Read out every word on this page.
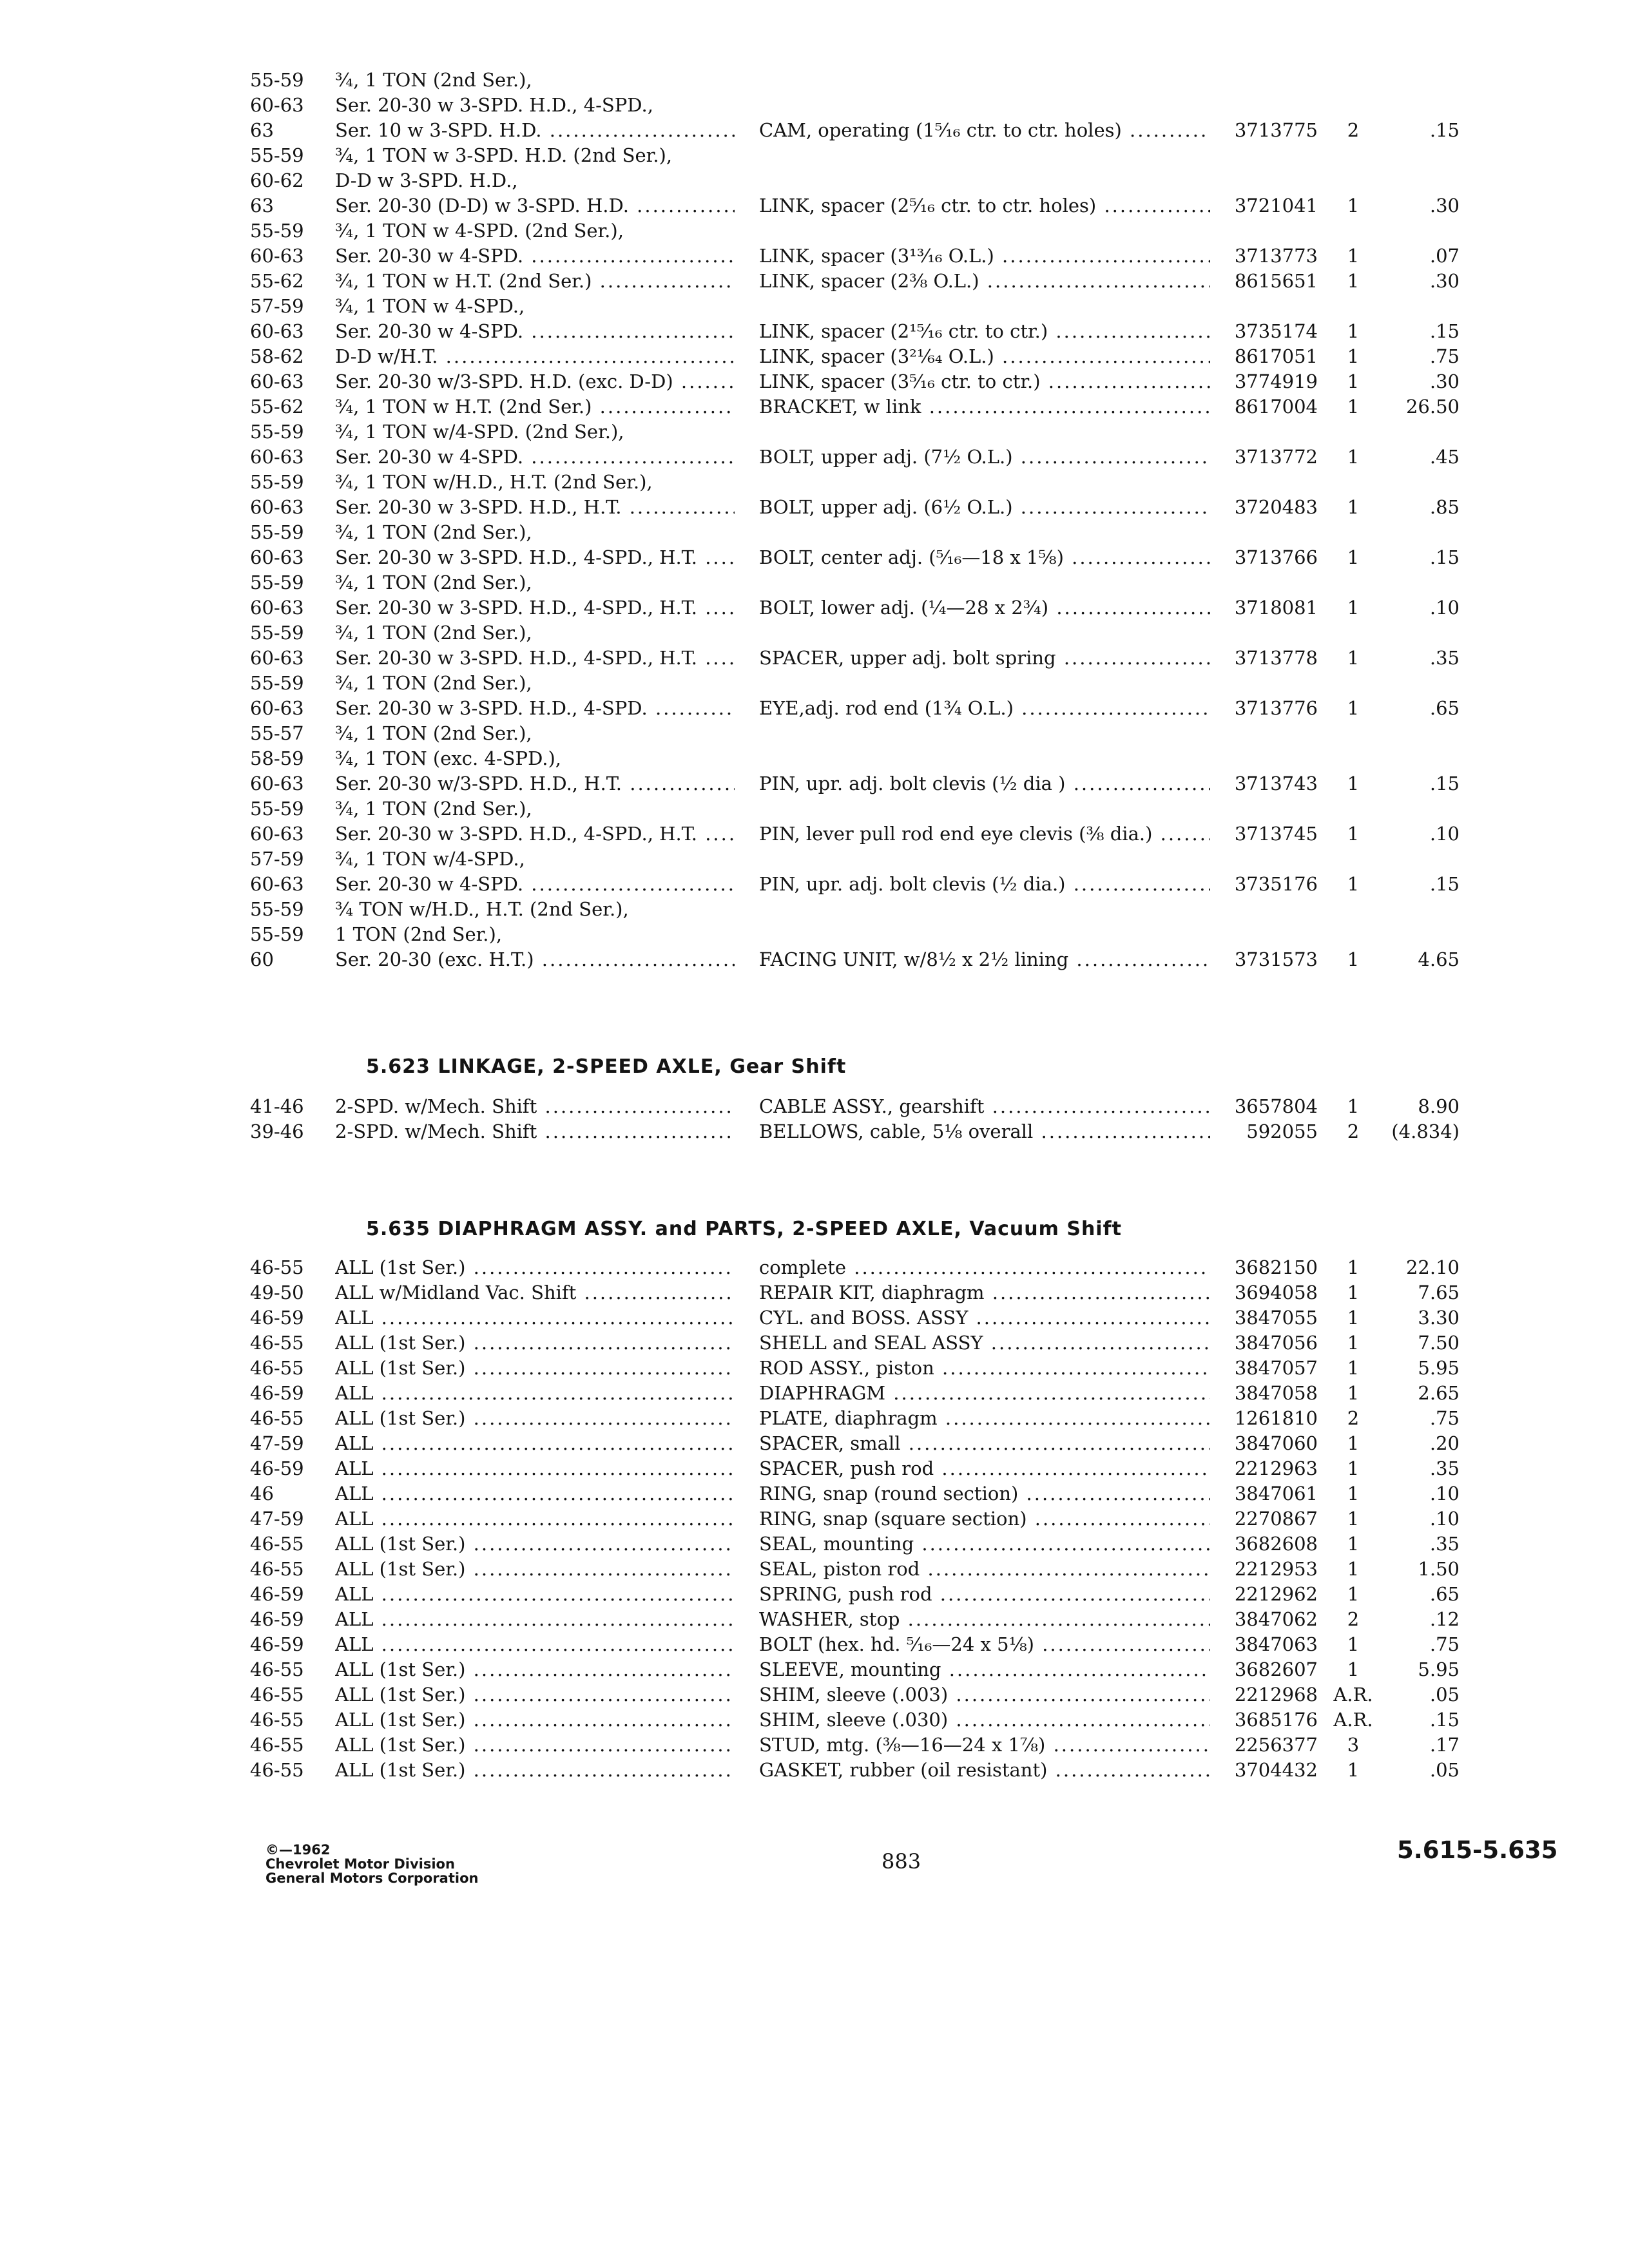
55-59	¾, 1 TON (2nd Ser.),
60-63	Ser. 20-30 w 3-SPD. H.D., 4-SPD.,
63	Ser. 10 w 3-SPD. H.D. .....	CAM, operating (1⁵⁄₁₆ ctr. to ctr. holes) .....	3713775	2	.15
55-59	¾, 1 TON w 3-SPD. H.D. (2nd Ser.),
60-62	D-D w 3-SPD. H.D.,
63	Ser. 20-30 (D-D) w 3-SPD. H.D. .....	LINK, spacer (2⁵⁄₁₆ ctr. to ctr. holes) .....	3721041	1	.30
55-59	¾, 1 TON w 4-SPD. (2nd Ser.),
60-63	Ser. 20-30 w 4-SPD. .....	LINK, spacer (3¹³⁄₁₆ O.L.) .....	3713773	1	.07
55-62	¾, 1 TON w H.T. (2nd Ser.) .....	LINK, spacer (2⅜ O.L.) .....	8615651	1	.30
57-59	¾, 1 TON w 4-SPD.,
60-63	Ser. 20-30 w 4-SPD. .....	LINK, spacer (2¹⁵⁄₁₆ ctr. to ctr.) .....	3735174	1	.15
58-62	D-D w/H.T. .....	LINK, spacer (3²¹⁄₆₄ O.L.) .....	8617051	1	.75
60-63	Ser. 20-30 w/3-SPD. H.D. (exc. D-D) .....	LINK, spacer (3⁵⁄₁₆ ctr. to ctr.) .....	3774919	1	.30
55-62	¾, 1 TON w H.T. (2nd Ser.) .....	BRACKET, w link .....	8617004	1	26.50
55-59	¾, 1 TON w/4-SPD. (2nd Ser.),
60-63	Ser. 20-30 w 4-SPD. .....	BOLT, upper adj. (7½ O.L.) .....	3713772	1	.45
55-59	¾, 1 TON w/H.D., H.T. (2nd Ser.),
60-63	Ser. 20-30 w 3-SPD. H.D., H.T. .....	BOLT, upper adj. (6½ O.L.) .....	3720483	1	.85
55-59	¾, 1 TON (2nd Ser.),
60-63	Ser. 20-30 w 3-SPD. H.D., 4-SPD., H.T. .....	BOLT, center adj. (⁵⁄₁₆—18 x 1⅝) .....	3713766	1	.15
55-59	¾, 1 TON (2nd Ser.),
60-63	Ser. 20-30 w 3-SPD. H.D., 4-SPD., H.T. .....	BOLT, lower adj. (¼—28 x 2¾) .....	3718081	1	.10
55-59	¾, 1 TON (2nd Ser.),
60-63	Ser. 20-30 w 3-SPD. H.D., 4-SPD., H.T. .....	SPACER, upper adj. bolt spring .....	3713778	1	.35
55-59	¾, 1 TON (2nd Ser.),
60-63	Ser. 20-30 w 3-SPD. H.D., 4-SPD. .....	EYE,adj. rod end (1¾ O.L.) .....	3713776	1	.65
55-57	¾, 1 TON (2nd Ser.),
58-59	¾, 1 TON (exc. 4-SPD.),
60-63	Ser. 20-30 w/3-SPD. H.D., H.T. .....	PIN, upr. adj. bolt clevis (½ dia ) .....	3713743	1	.15
55-59	¾, 1 TON (2nd Ser.),
60-63	Ser. 20-30 w 3-SPD. H.D., 4-SPD., H.T. .....	PIN, lever pull rod end eye clevis (⅜ dia.) .....	3713745	1	.10
57-59	¾, 1 TON w/4-SPD.,
60-63	Ser. 20-30 w 4-SPD. .....	PIN, upr. adj. bolt clevis (½ dia.) .....	3735176	1	.15
55-59	¾ TON w/H.D., H.T. (2nd Ser.),
55-59	1 TON (2nd Ser.),
60	Ser. 20-30 (exc. H.T.) .....	FACING UNIT, w/8½ x 2½ lining .....	3731573	1	4.65
5.623 LINKAGE, 2-SPEED AXLE, Gear Shift
41-46	2-SPD. w/Mech. Shift .....	CABLE ASSY., gearshift .....	3657804	1	8.90
39-46	2-SPD. w/Mech. Shift .....	BELLOWS, cable, 5⅛ overall .....	592055	2	(4.834)
5.635 DIAPHRAGM ASSY. and PARTS, 2-SPEED AXLE, Vacuum Shift
46-55	ALL (1st Ser.) .....	complete .....	3682150	1	22.10
49-50	ALL w/Midland Vac. Shift .....	REPAIR KIT, diaphragm .....	3694058	1	7.65
46-59	ALL .....	CYL. and BOSS. ASSY .....	3847055	1	3.30
46-55	ALL (1st Ser.) .....	SHELL and SEAL ASSY .....	3847056	1	7.50
46-55	ALL (1st Ser.) .....	ROD ASSY., piston .....	3847057	1	5.95
46-59	ALL .....	DIAPHRAGM .....	3847058	1	2.65
46-55	ALL (1st Ser.) .....	PLATE, diaphragm .....	1261810	2	.75
47-59	ALL .....	SPACER, small .....	3847060	1	.20
46-59	ALL .....	SPACER, push rod .....	2212963	1	.35
46	ALL .....	RING, snap (round section) .....	3847061	1	.10
47-59	ALL .....	RING, snap (square section) .....	2270867	1	.10
46-55	ALL (1st Ser.) .....	SEAL, mounting .....	3682608	1	.35
46-55	ALL (1st Ser.) .....	SEAL, piston rod .....	2212953	1	1.50
46-59	ALL .....	SPRING, push rod .....	2212962	1	.65
46-59	ALL .....	WASHER, stop .....	3847062	2	.12
46-59	ALL .....	BOLT (hex. hd. ⁵⁄₁₆—24 x 5⅛) .....	3847063	1	.75
46-55	ALL (1st Ser.) .....	SLEEVE, mounting .....	3682607	1	5.95
46-55	ALL (1st Ser.) .....	SHIM, sleeve (.003) .....	2212968 A.R.	.05
46-55	ALL (1st Ser.) .....	SHIM, sleeve (.030) .....	3685176 A.R.	.15
46-55	ALL (1st Ser.) .....	STUD, mtg. (⅜—16—24 x 1⅞) .....	2256377	3	.17
46-55	ALL (1st Ser.) .....	GASKET, rubber (oil resistant) .....	3704432	1	.05
©—1962
Chevrolet Motor Division
General Motors Corporation
883	5.615-5.635
